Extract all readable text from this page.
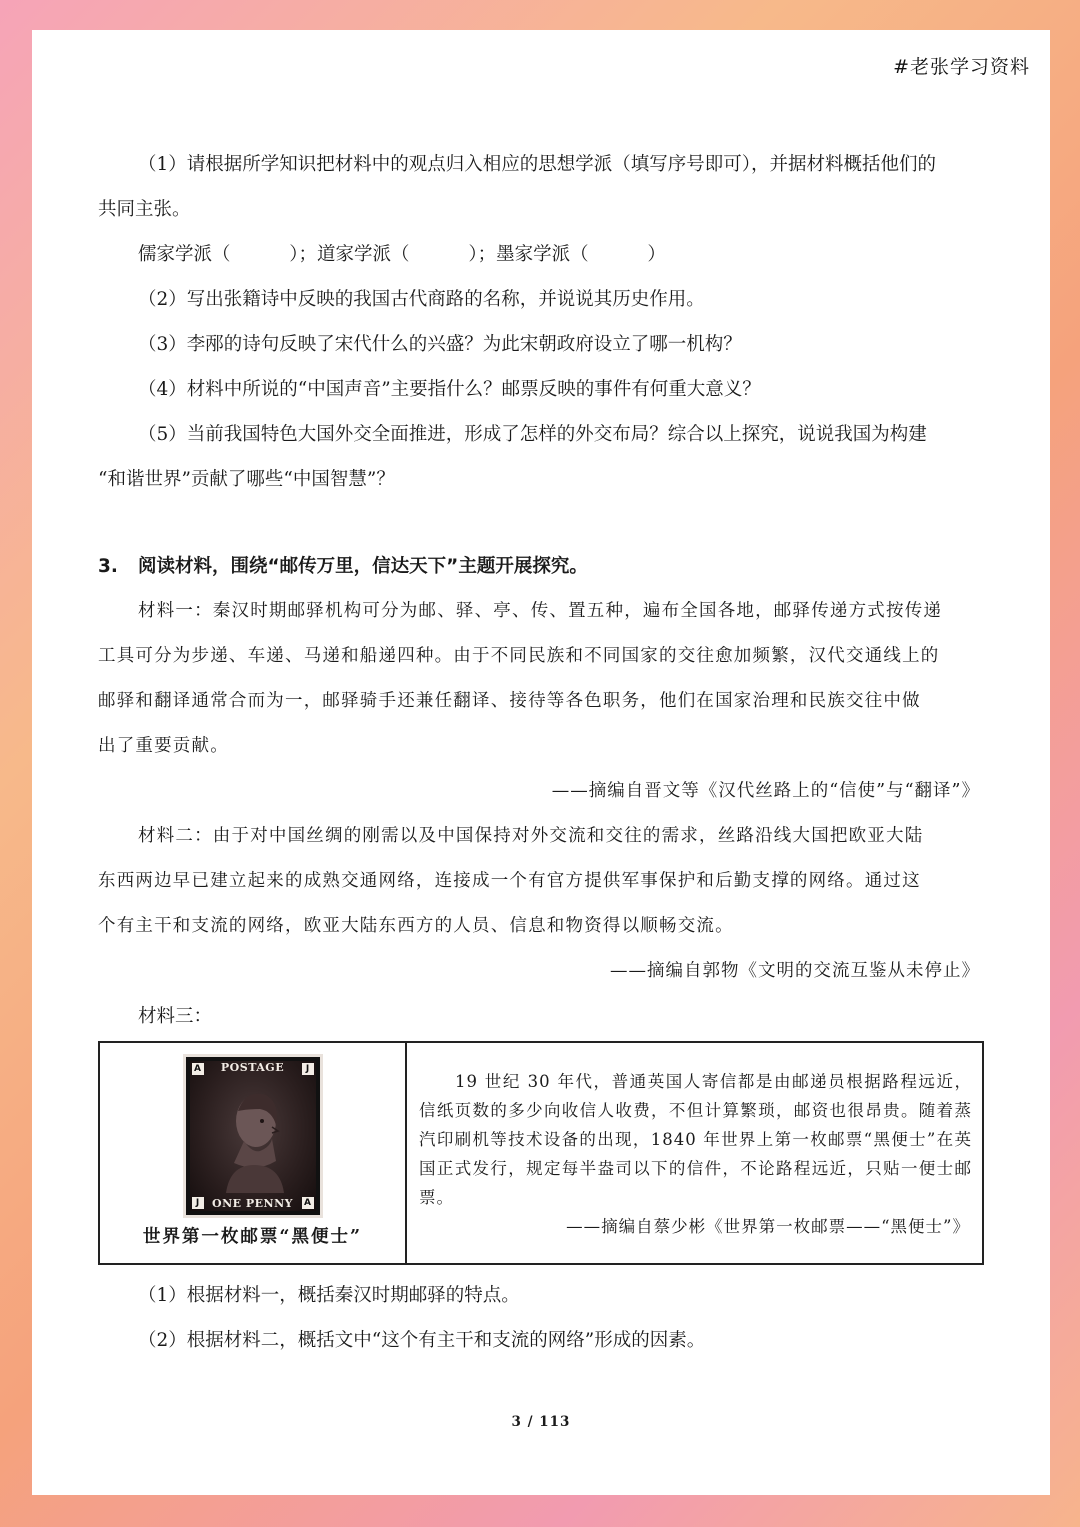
#老张学习资料

（1）请根据所学知识把材料中的观点归入相应的思想学派（填写序号即可），并据材料概括他们的

共同主张。

儒家学派（          ）；道家学派（          ）；墨家学派（          ）

（2）写出张籍诗中反映的我国古代商路的名称，并说说其历史作用。

（3）李邴的诗句反映了宋代什么的兴盛？为此宋朝政府设立了哪一机构？

（4）材料中所说的“中国声音”主要指什么？邮票反映的事件有何重大意义？

（5）当前我国特色大国外交全面推进，形成了怎样的外交布局？综合以上探究，说说我国为构建

“和谐世界”贡献了哪些“中国智慧”？

3. 阅读材料，围绕“邮传万里，信达天下”主题开展探究。

材料一：秦汉时期邮驿机构可分为邮、驿、亭、传、置五种，遍布全国各地，邮驿传递方式按传递

工具可分为步递、车递、马递和船递四种。由于不同民族和不同国家的交往愈加频繁，汉代交通线上的

邮驿和翻译通常合而为一，邮驿骑手还兼任翻译、接待等各色职务，他们在国家治理和民族交往中做

出了重要贡献。

——摘编自晋文等《汉代丝路上的“信使”与“翻译”》

材料二：由于对中国丝绸的刚需以及中国保持对外交流和交往的需求，丝路沿线大国把欧亚大陆

东西两边早已建立起来的成熟交通网络，连接成一个有官方提供军事保护和后勤支撑的网络。通过这

个有主干和支流的网络，欧亚大陆东西方的人员、信息和物资得以顺畅交流。

——摘编自郭物《文明的交流互鉴从未停止》

材料三：

POSTAGE
A	J
J	A
ONE PENNY
世界第一枚邮票“黑便士”

19 世纪 30 年代，普通英国人寄信都是由邮递员根据路程远近，信纸页数的多少向收信人收费，不但计算繁琐，邮资也很昂贵。随着蒸汽印刷机等技术设备的出现，1840 年世界上第一枚邮票“黑便士”在英国正式发行，规定每半盎司以下的信件，不论路程远近，只贴一便士邮票。

——摘编自蔡少彬《世界第一枚邮票——“黑便士”》

（1）根据材料一，概括秦汉时期邮驿的特点。

（2）根据材料二，概括文中“这个有主干和支流的网络”形成的因素。

3 / 113
